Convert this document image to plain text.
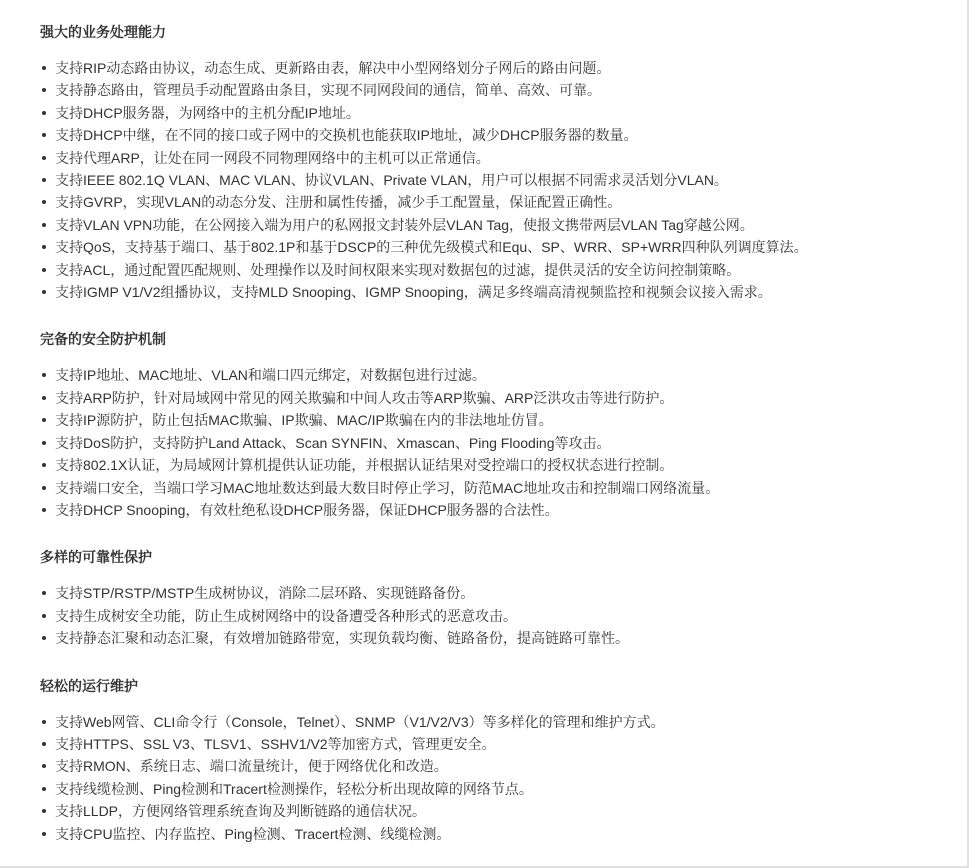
强大的业务处理能力
支持RIP动态路由协议，动态生成、更新路由表，解决中小型网络划分子网后的路由问题。
支持静态路由，管理员手动配置路由条目，实现不同网段间的通信，简单、高效、可靠。
支持DHCP服务器，为网络中的主机分配IP地址。
支持DHCP中继，在不同的接口或子网中的交换机也能获取IP地址，减少DHCP服务器的数量。
支持代理ARP，让处在同一网段不同物理网络中的主机可以正常通信。
支持IEEE 802.1Q VLAN、MAC VLAN、协议VLAN、Private VLAN，用户可以根据不同需求灵活划分VLAN。
支持GVRP，实现VLAN的动态分发、注册和属性传播，减少手工配置量，保证配置正确性。
支持VLAN VPN功能，在公网接入端为用户的私网报文封装外层VLAN Tag，使报文携带两层VLAN Tag穿越公网。
支持QoS，支持基于端口、基于802.1P和基于DSCP的三种优先级模式和Equ、SP、WRR、SP+WRR四种队列调度算法。
支持ACL，通过配置匹配规则、处理操作以及时间权限来实现对数据包的过滤，提供灵活的安全访问控制策略。
支持IGMP V1/V2组播协议，支持MLD Snooping、IGMP Snooping，满足多终端高清视频监控和视频会议接入需求。
完备的安全防护机制
支持IP地址、MAC地址、VLAN和端口四元绑定，对数据包进行过滤。
支持ARP防护，针对局域网中常见的网关欺骗和中间人攻击等ARP欺骗、ARP泛洪攻击等进行防护。
支持IP源防护，防止包括MAC欺骗、IP欺骗、MAC/IP欺骗在内的非法地址仿冒。
支持DoS防护，支持防护Land Attack、Scan SYNFIN、Xmascan、Ping Flooding等攻击。
支持802.1X认证，为局域网计算机提供认证功能，并根据认证结果对受控端口的授权状态进行控制。
支持端口安全，当端口学习MAC地址数达到最大数目时停止学习，防范MAC地址攻击和控制端口网络流量。
支持DHCP Snooping，有效杜绝私设DHCP服务器，保证DHCP服务器的合法性。
多样的可靠性保护
支持STP/RSTP/MSTP生成树协议，消除二层环路、实现链路备份。
支持生成树安全功能，防止生成树网络中的设备遭受各种形式的恶意攻击。
支持静态汇聚和动态汇聚，有效增加链路带宽，实现负载均衡、链路备份，提高链路可靠性。
轻松的运行维护
支持Web网管、CLI命令行（Console，Telnet）、SNMP（V1/V2/V3）等多样化的管理和维护方式。
支持HTTPS、SSL V3、TLSV1、SSHV1/V2等加密方式，管理更安全。
支持RMON、系统日志、端口流量统计，便于网络优化和改造。
支持线缆检测、Ping检测和Tracert检测操作，轻松分析出现故障的网络节点。
支持LLDP，方便网络管理系统查询及判断链路的通信状况。
支持CPU监控、内存监控、Ping检测、Tracert检测、线缆检测。
